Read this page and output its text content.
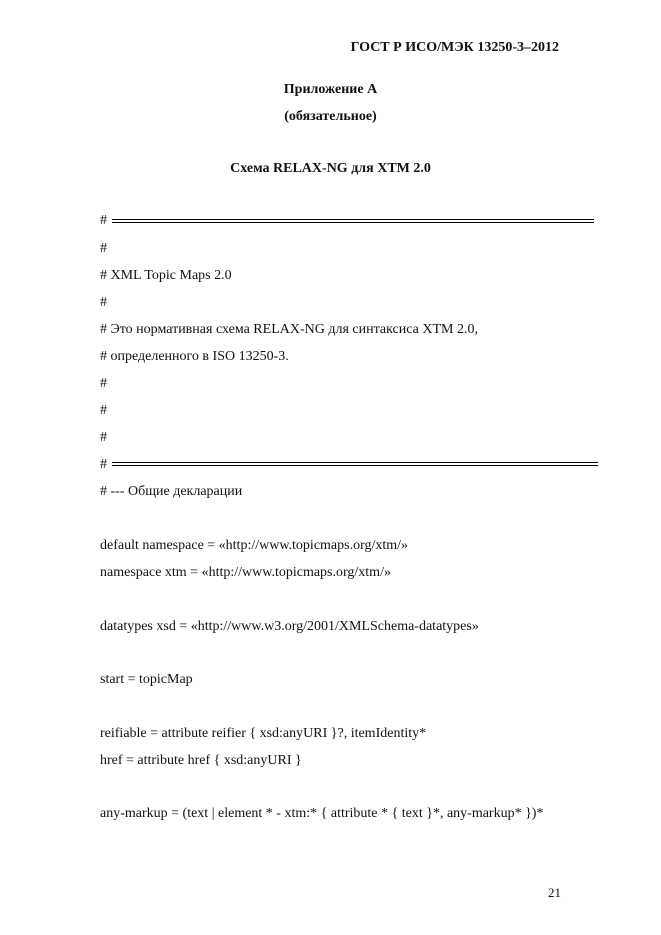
ГОСТ Р ИСО/МЭК 13250-3–2012
Приложение А
(обязательное)
Схема RELAX-NG для XTM 2.0
#
#
# XML Topic Maps 2.0
#
# Это нормативная схема RELAX-NG для синтаксиса XTM 2.0,
# определенного в ISO 13250-3.
#
#
#
#
# --- Общие декларации
default namespace = «http://www.topicmaps.org/xtm/»
namespace xtm = «http://www.topicmaps.org/xtm/»
datatypes xsd = «http://www.w3.org/2001/XMLSchema-datatypes»
start = topicMap
reifiable = attribute reifier { xsd:anyURI }?, itemIdentity*
href = attribute href { xsd:anyURI }
any-markup = (text | element * - xtm:* { attribute * { text }*, any-markup* })*
21
